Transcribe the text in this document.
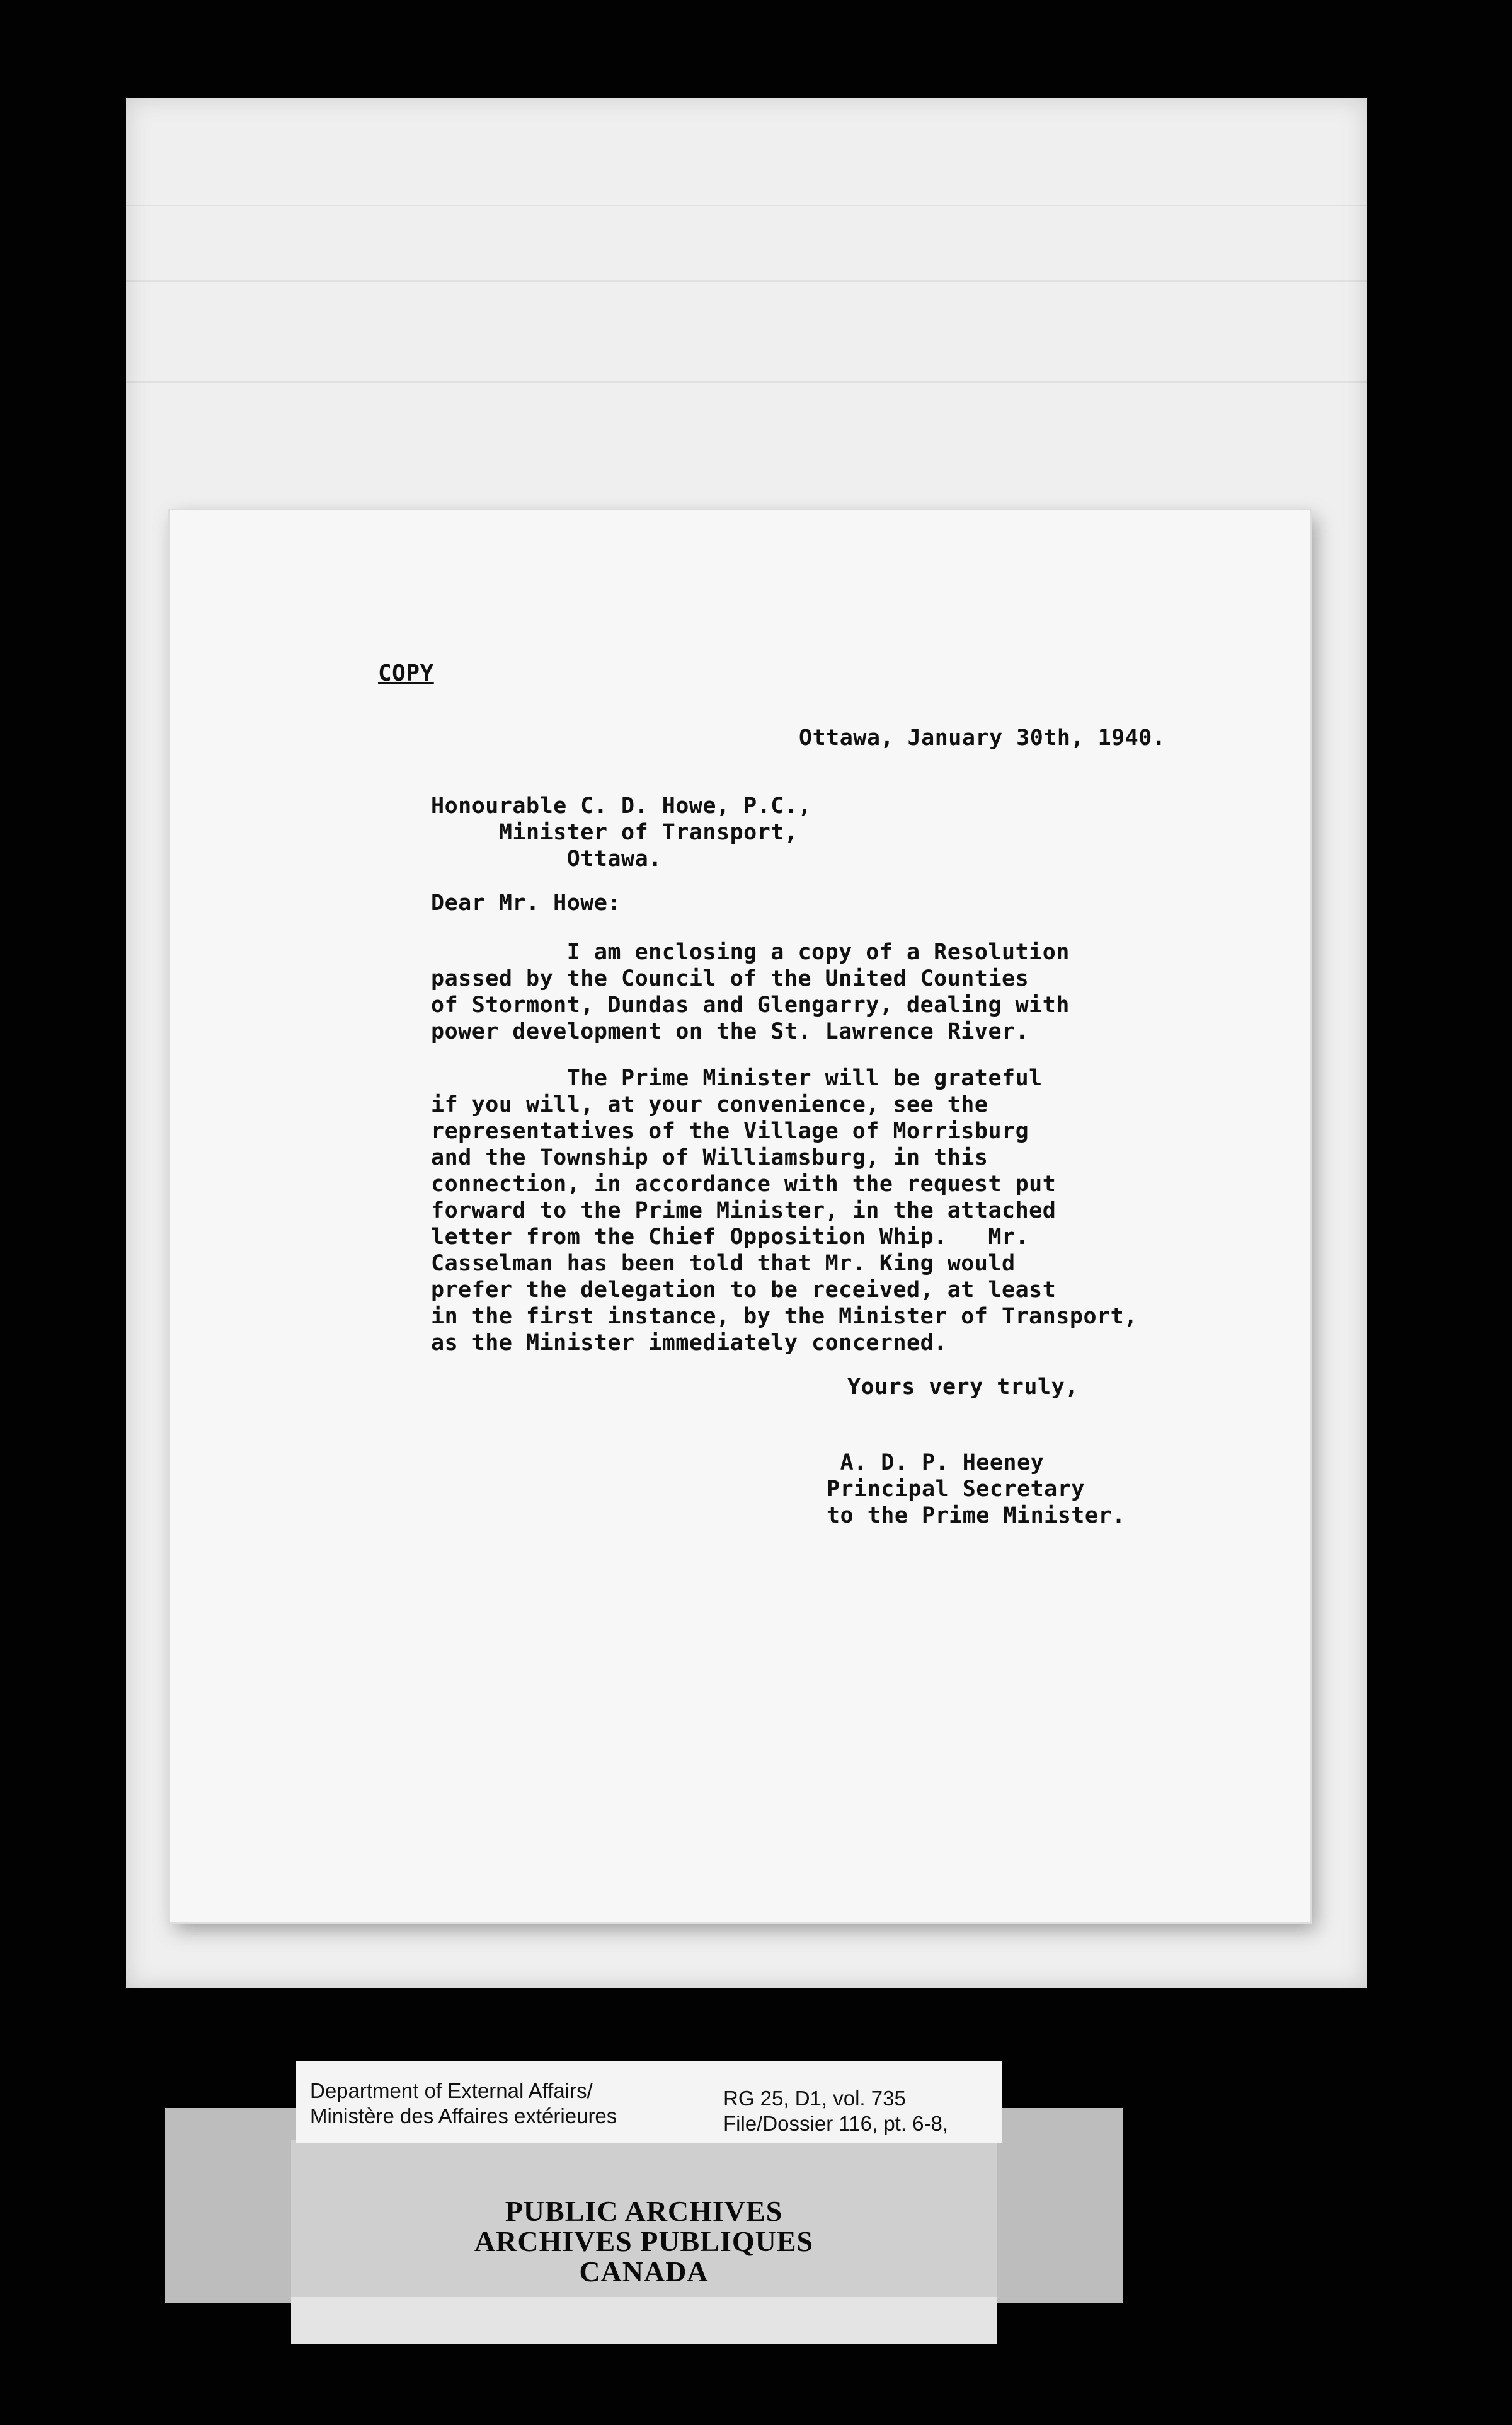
COPY
Ottawa, January 30th, 1940.
Honourable C. D. Howe, P.C.,
Minister of Transport,
Ottawa.
Dear Mr. Howe:
I am enclosing a copy of a Resolution
passed by the Council of the United Counties
of Stormont, Dundas and Glengarry, dealing with
power development on the St. Lawrence River.
The Prime Minister will be grateful
if you will, at your convenience, see the
representatives of the Village of Morrisburg
and the Township of Williamsburg, in this
connection, in accordance with the request put
forward to the Prime Minister, in the attached
letter from the Chief Opposition Whip.   Mr.
Casselman has been told that Mr. King would
prefer the delegation to be received, at least
in the first instance, by the Minister of Transport,
as the Minister immediately concerned.
Yours very truly,
A. D. P. Heeney
Principal Secretary
to the Prime Minister.
PUBLIC ARCHIVES
ARCHIVES PUBLIQUES
CANADA
Department of External Affairs/
Ministère des Affaires extérieures
RG 25, D1, vol. 735
File/Dossier 116, pt. 6-8,
